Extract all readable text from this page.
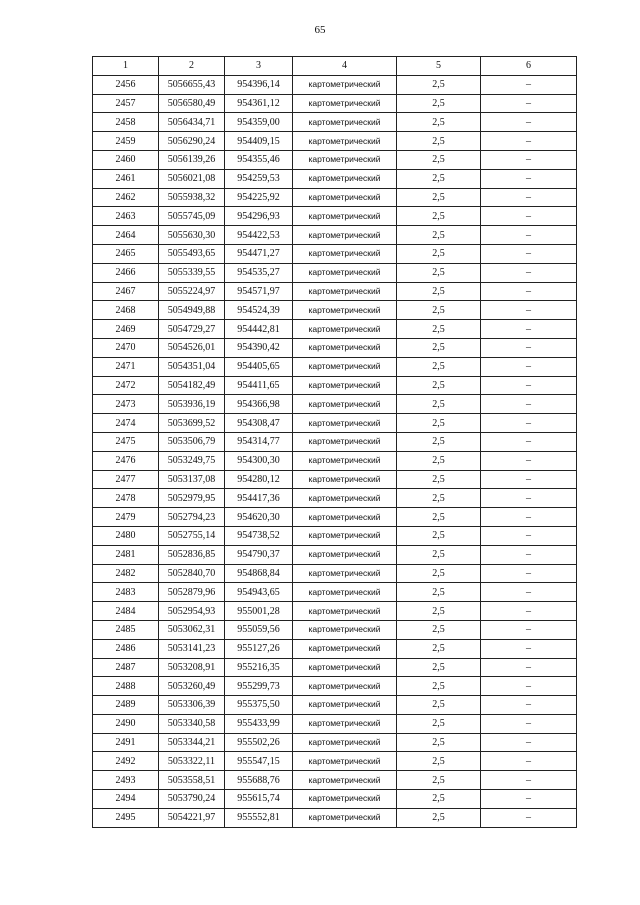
65
1	2	3	4	5	6
2456	5056655,43	954396,14	картометрический	2,5	–
2457	5056580,49	954361,12	картометрический	2,5	–
2458	5056434,71	954359,00	картометрический	2,5	–
2459	5056290,24	954409,15	картометрический	2,5	–
2460	5056139,26	954355,46	картометрический	2,5	–
2461	5056021,08	954259,53	картометрический	2,5	–
2462	5055938,32	954225,92	картометрический	2,5	–
2463	5055745,09	954296,93	картометрический	2,5	–
2464	5055630,30	954422,53	картометрический	2,5	–
2465	5055493,65	954471,27	картометрический	2,5	–
2466	5055339,55	954535,27	картометрический	2,5	–
2467	5055224,97	954571,97	картометрический	2,5	–
2468	5054949,88	954524,39	картометрический	2,5	–
2469	5054729,27	954442,81	картометрический	2,5	–
2470	5054526,01	954390,42	картометрический	2,5	–
2471	5054351,04	954405,65	картометрический	2,5	–
2472	5054182,49	954411,65	картометрический	2,5	–
2473	5053936,19	954366,98	картометрический	2,5	–
2474	5053699,52	954308,47	картометрический	2,5	–
2475	5053506,79	954314,77	картометрический	2,5	–
2476	5053249,75	954300,30	картометрический	2,5	–
2477	5053137,08	954280,12	картометрический	2,5	–
2478	5052979,95	954417,36	картометрический	2,5	–
2479	5052794,23	954620,30	картометрический	2,5	–
2480	5052755,14	954738,52	картометрический	2,5	–
2481	5052836,85	954790,37	картометрический	2,5	–
2482	5052840,70	954868,84	картометрический	2,5	–
2483	5052879,96	954943,65	картометрический	2,5	–
2484	5052954,93	955001,28	картометрический	2,5	–
2485	5053062,31	955059,56	картометрический	2,5	–
2486	5053141,23	955127,26	картометрический	2,5	–
2487	5053208,91	955216,35	картометрический	2,5	–
2488	5053260,49	955299,73	картометрический	2,5	–
2489	5053306,39	955375,50	картометрический	2,5	–
2490	5053340,58	955433,99	картометрический	2,5	–
2491	5053344,21	955502,26	картометрический	2,5	–
2492	5053322,11	955547,15	картометрический	2,5	–
2493	5053558,51	955688,76	картометрический	2,5	–
2494	5053790,24	955615,74	картометрический	2,5	–
2495	5054221,97	955552,81	картометрический	2,5	–
